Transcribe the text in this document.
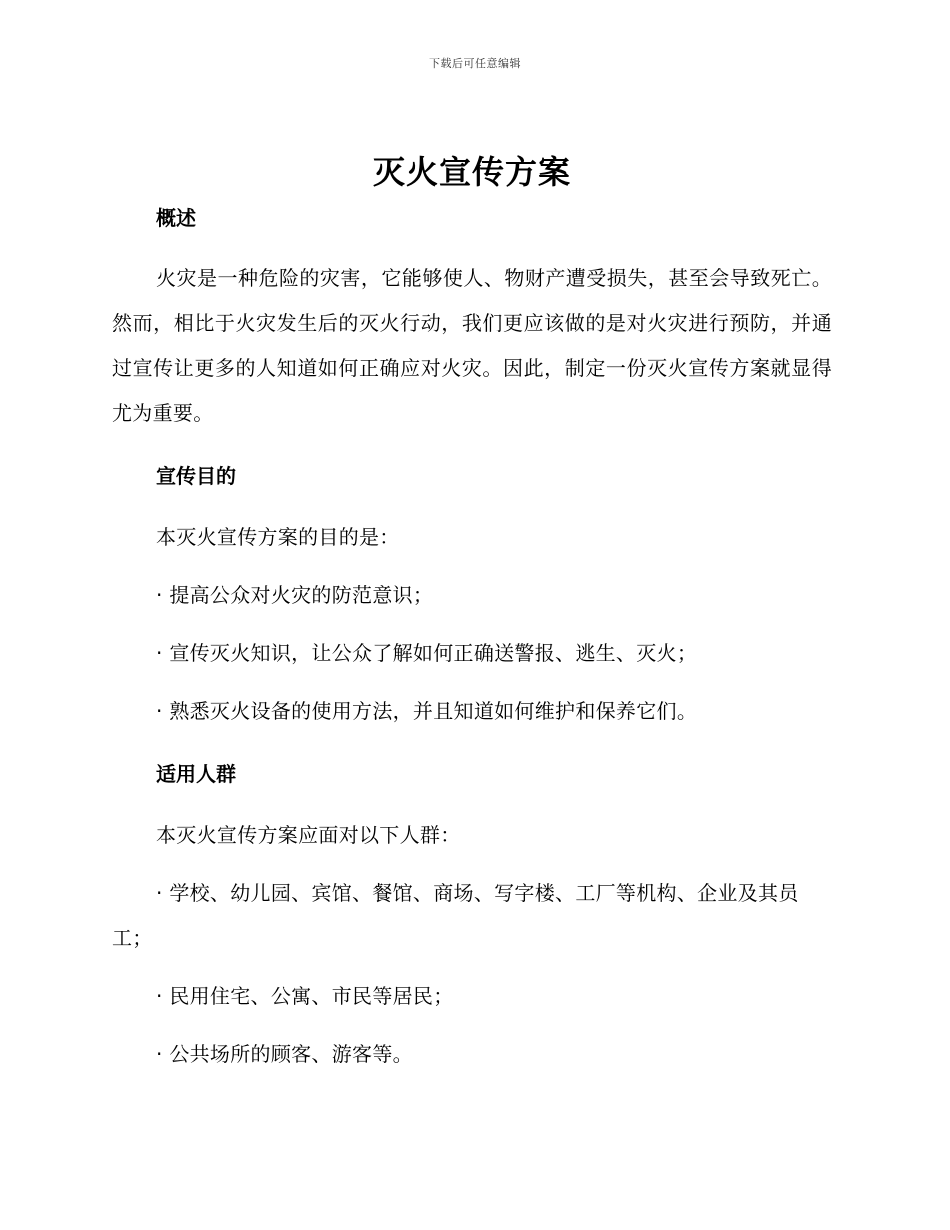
下载后可任意编辑
灭火宣传方案
概述

火灾是一种危险的灾害，它能够使人、物财产遭受损失，甚至会导致死亡。然而，相比于火灾发生后的灭火行动，我们更应该做的是对火灾进行预防，并通过宣传让更多的人知道如何正确应对火灾。因此，制定一份灭火宣传方案就显得尤为重要。

宣传目的

本灭火宣传方案的目的是：

· 提高公众对火灾的防范意识；

· 宣传灭火知识，让公众了解如何正确送警报、逃生、灭火；

· 熟悉灭火设备的使用方法，并且知道如何维护和保养它们。

适用人群

本灭火宣传方案应面对以下人群：

· 学校、幼儿园、宾馆、餐馆、商场、写字楼、工厂等机构、企业及其员工；

· 民用住宅、公寓、市民等居民；

· 公共场所的顾客、游客等。
